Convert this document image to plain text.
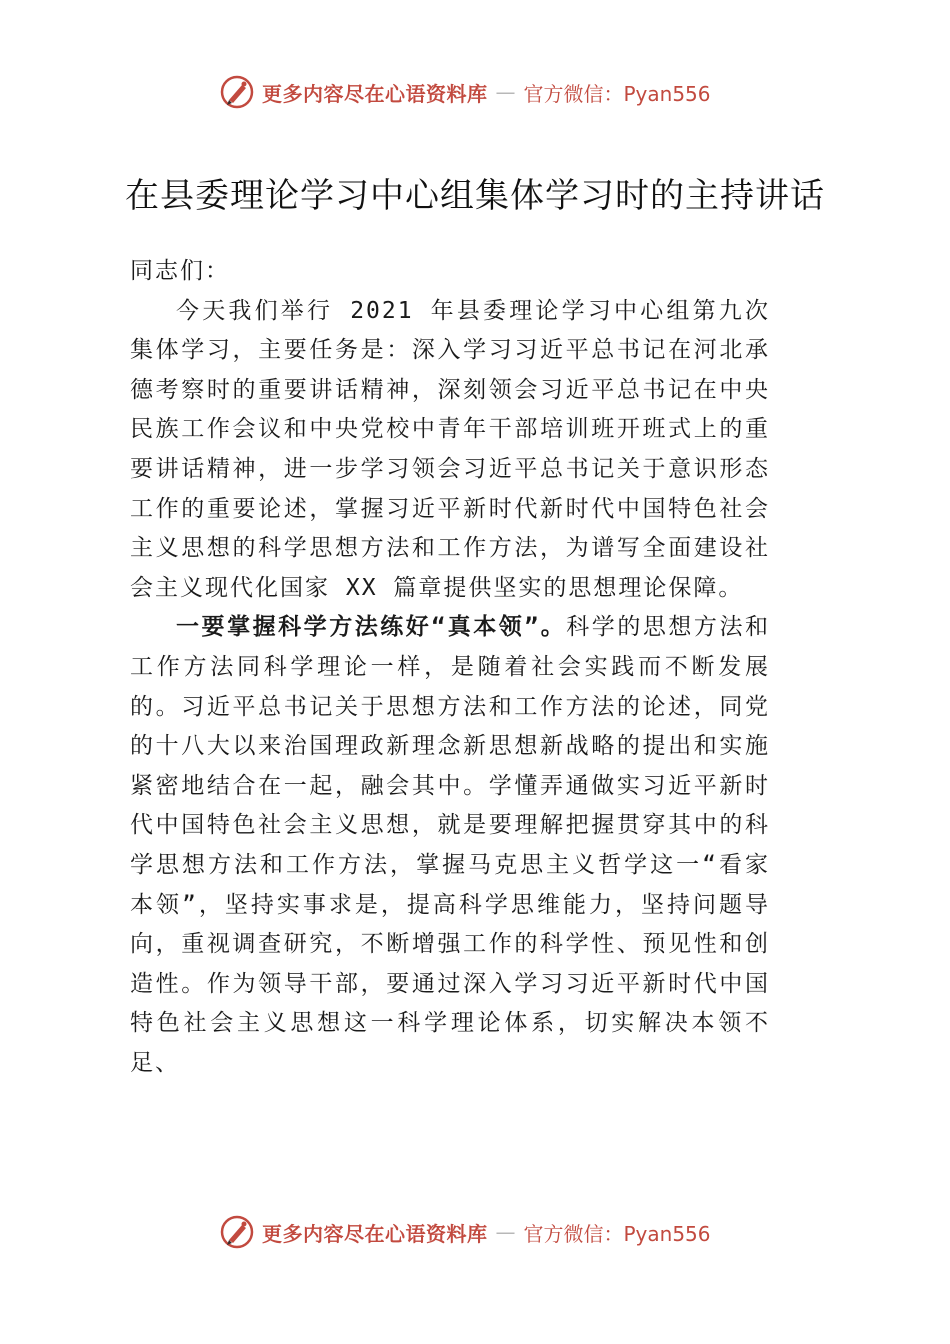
更多内容尽在心语资料库 — 官方微信：Pyan556
在县委理论学习中心组集体学习时的主持讲话

同志们：

今天我们举行 2021 年县委理论学习中心组第九次集体学习，主要任务是：深入学习习近平总书记在河北承德考察时的重要讲话精神，深刻领会习近平总书记在中央民族工作会议和中央党校中青年干部培训班开班式上的重要讲话精神，进一步学习领会习近平总书记关于意识形态工作的重要论述，掌握习近平新时代新时代中国特色社会主义思想的科学思想方法和工作方法，为谱写全面建设社会主义现代化国家 XX 篇章提供坚实的思想理论保障。

一要掌握科学方法练好“真本领”。科学的思想方法和工作方法同科学理论一样，是随着社会实践而不断发展的。习近平总书记关于思想方法和工作方法的论述，同党的十八大以来治国理政新理念新思想新战略的提出和实施紧密地结合在一起，融会其中。学懂弄通做实习近平新时代中国特色社会主义思想，就是要理解把握贯穿其中的科学思想方法和工作方法，掌握马克思主义哲学这一“看家本领”，坚持实事求是，提高科学思维能力，坚持问题导向，重视调查研究，不断增强工作的科学性、预见性和创造性。作为领导干部，要通过深入学习习近平新时代中国特色社会主义思想这一科学理论体系，切实解决本领不足、

更多内容尽在心语资料库 — 官方微信：Pyan556
